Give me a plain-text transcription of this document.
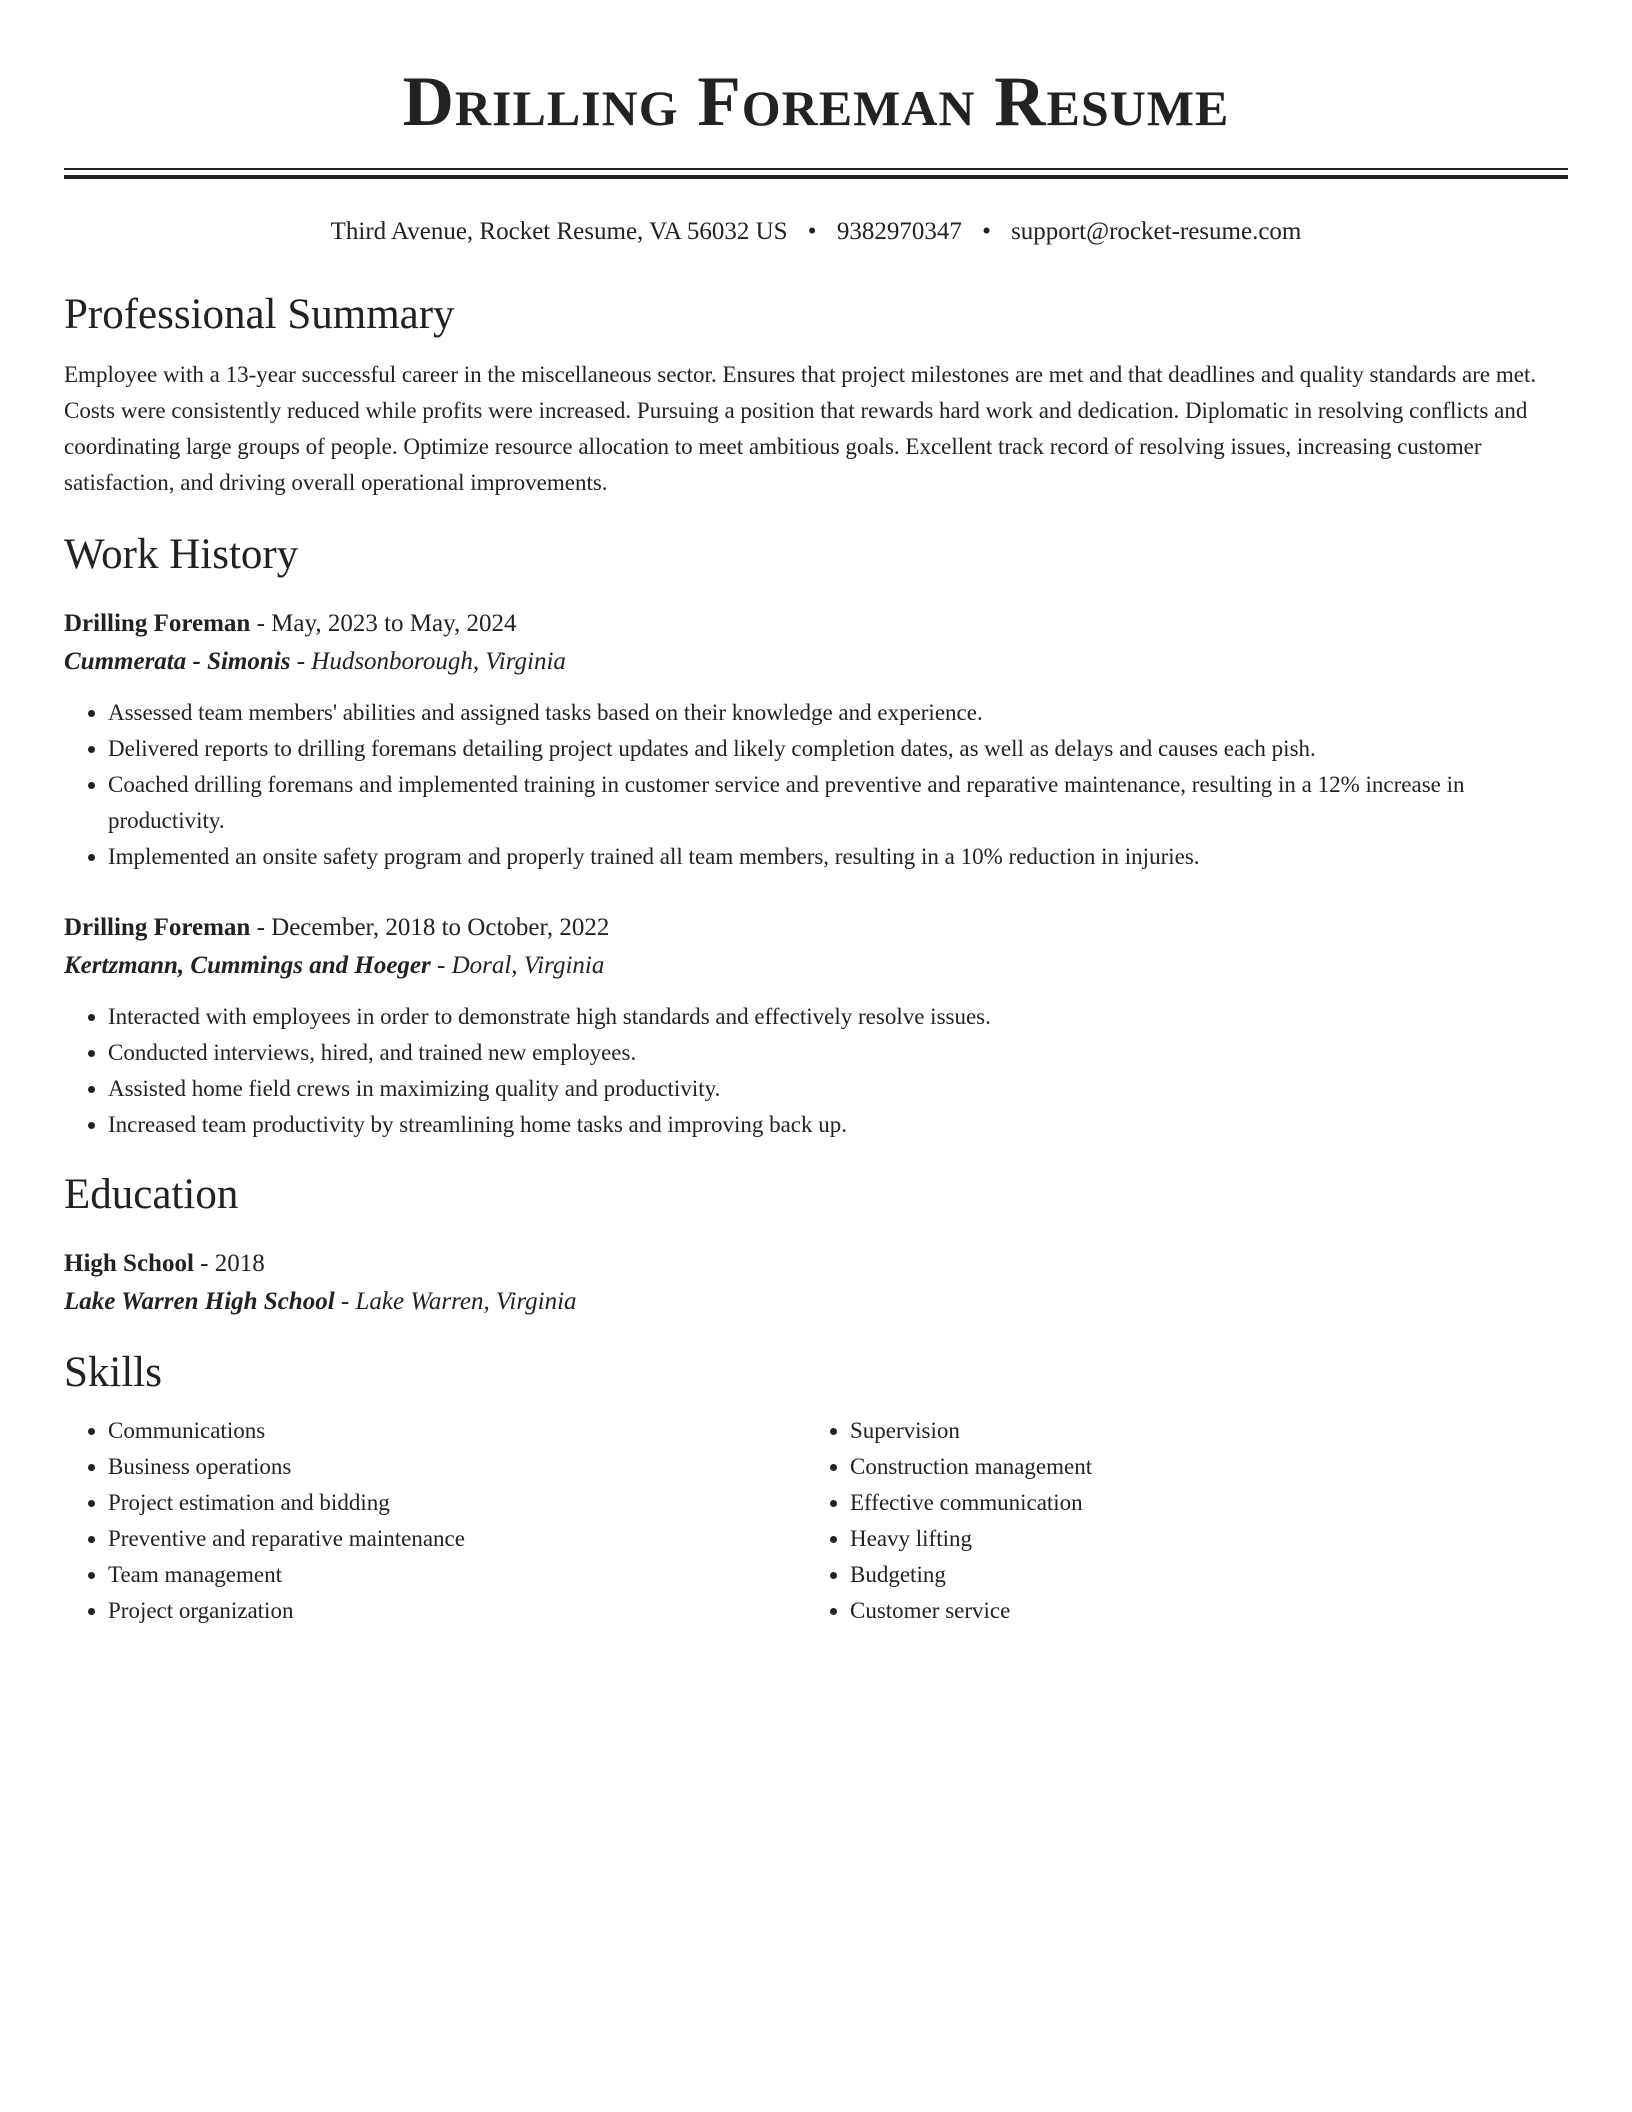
Drilling Foreman Resume
Third Avenue, Rocket Resume, VA 56032 US • 9382970347 • support@rocket-resume.com
Professional Summary

Employee with a 13-year successful career in the miscellaneous sector. Ensures that project milestones are met and that deadlines and quality standards are met. Costs were consistently reduced while profits were increased. Pursuing a position that rewards hard work and dedication. Diplomatic in resolving conflicts and coordinating large groups of people. Optimize resource allocation to meet ambitious goals. Excellent track record of resolving issues, increasing customer satisfaction, and driving overall operational improvements.

Work History
Drilling Foreman - May, 2023 to May, 2024
Cummerata - Simonis - Hudsonborough, Virginia
• Assessed team members' abilities and assigned tasks based on their knowledge and experience.
• Delivered reports to drilling foremans detailing project updates and likely completion dates, as well as delays and causes each pish.
• Coached drilling foremans and implemented training in customer service and preventive and reparative maintenance, resulting in a 12% increase in productivity.
• Implemented an onsite safety program and properly trained all team members, resulting in a 10% reduction in injuries.
Drilling Foreman - December, 2018 to October, 2022
Kertzmann, Cummings and Hoeger - Doral, Virginia
• Interacted with employees in order to demonstrate high standards and effectively resolve issues.
• Conducted interviews, hired, and trained new employees.
• Assisted home field crews in maximizing quality and productivity.
• Increased team productivity by streamlining home tasks and improving back up.
Education
High School - 2018
Lake Warren High School - Lake Warren, Virginia
Skills
• Communications
• Business operations
• Project estimation and bidding
• Preventive and reparative maintenance
• Team management
• Project organization
• Supervision
• Construction management
• Effective communication
• Heavy lifting
• Budgeting
• Customer service
